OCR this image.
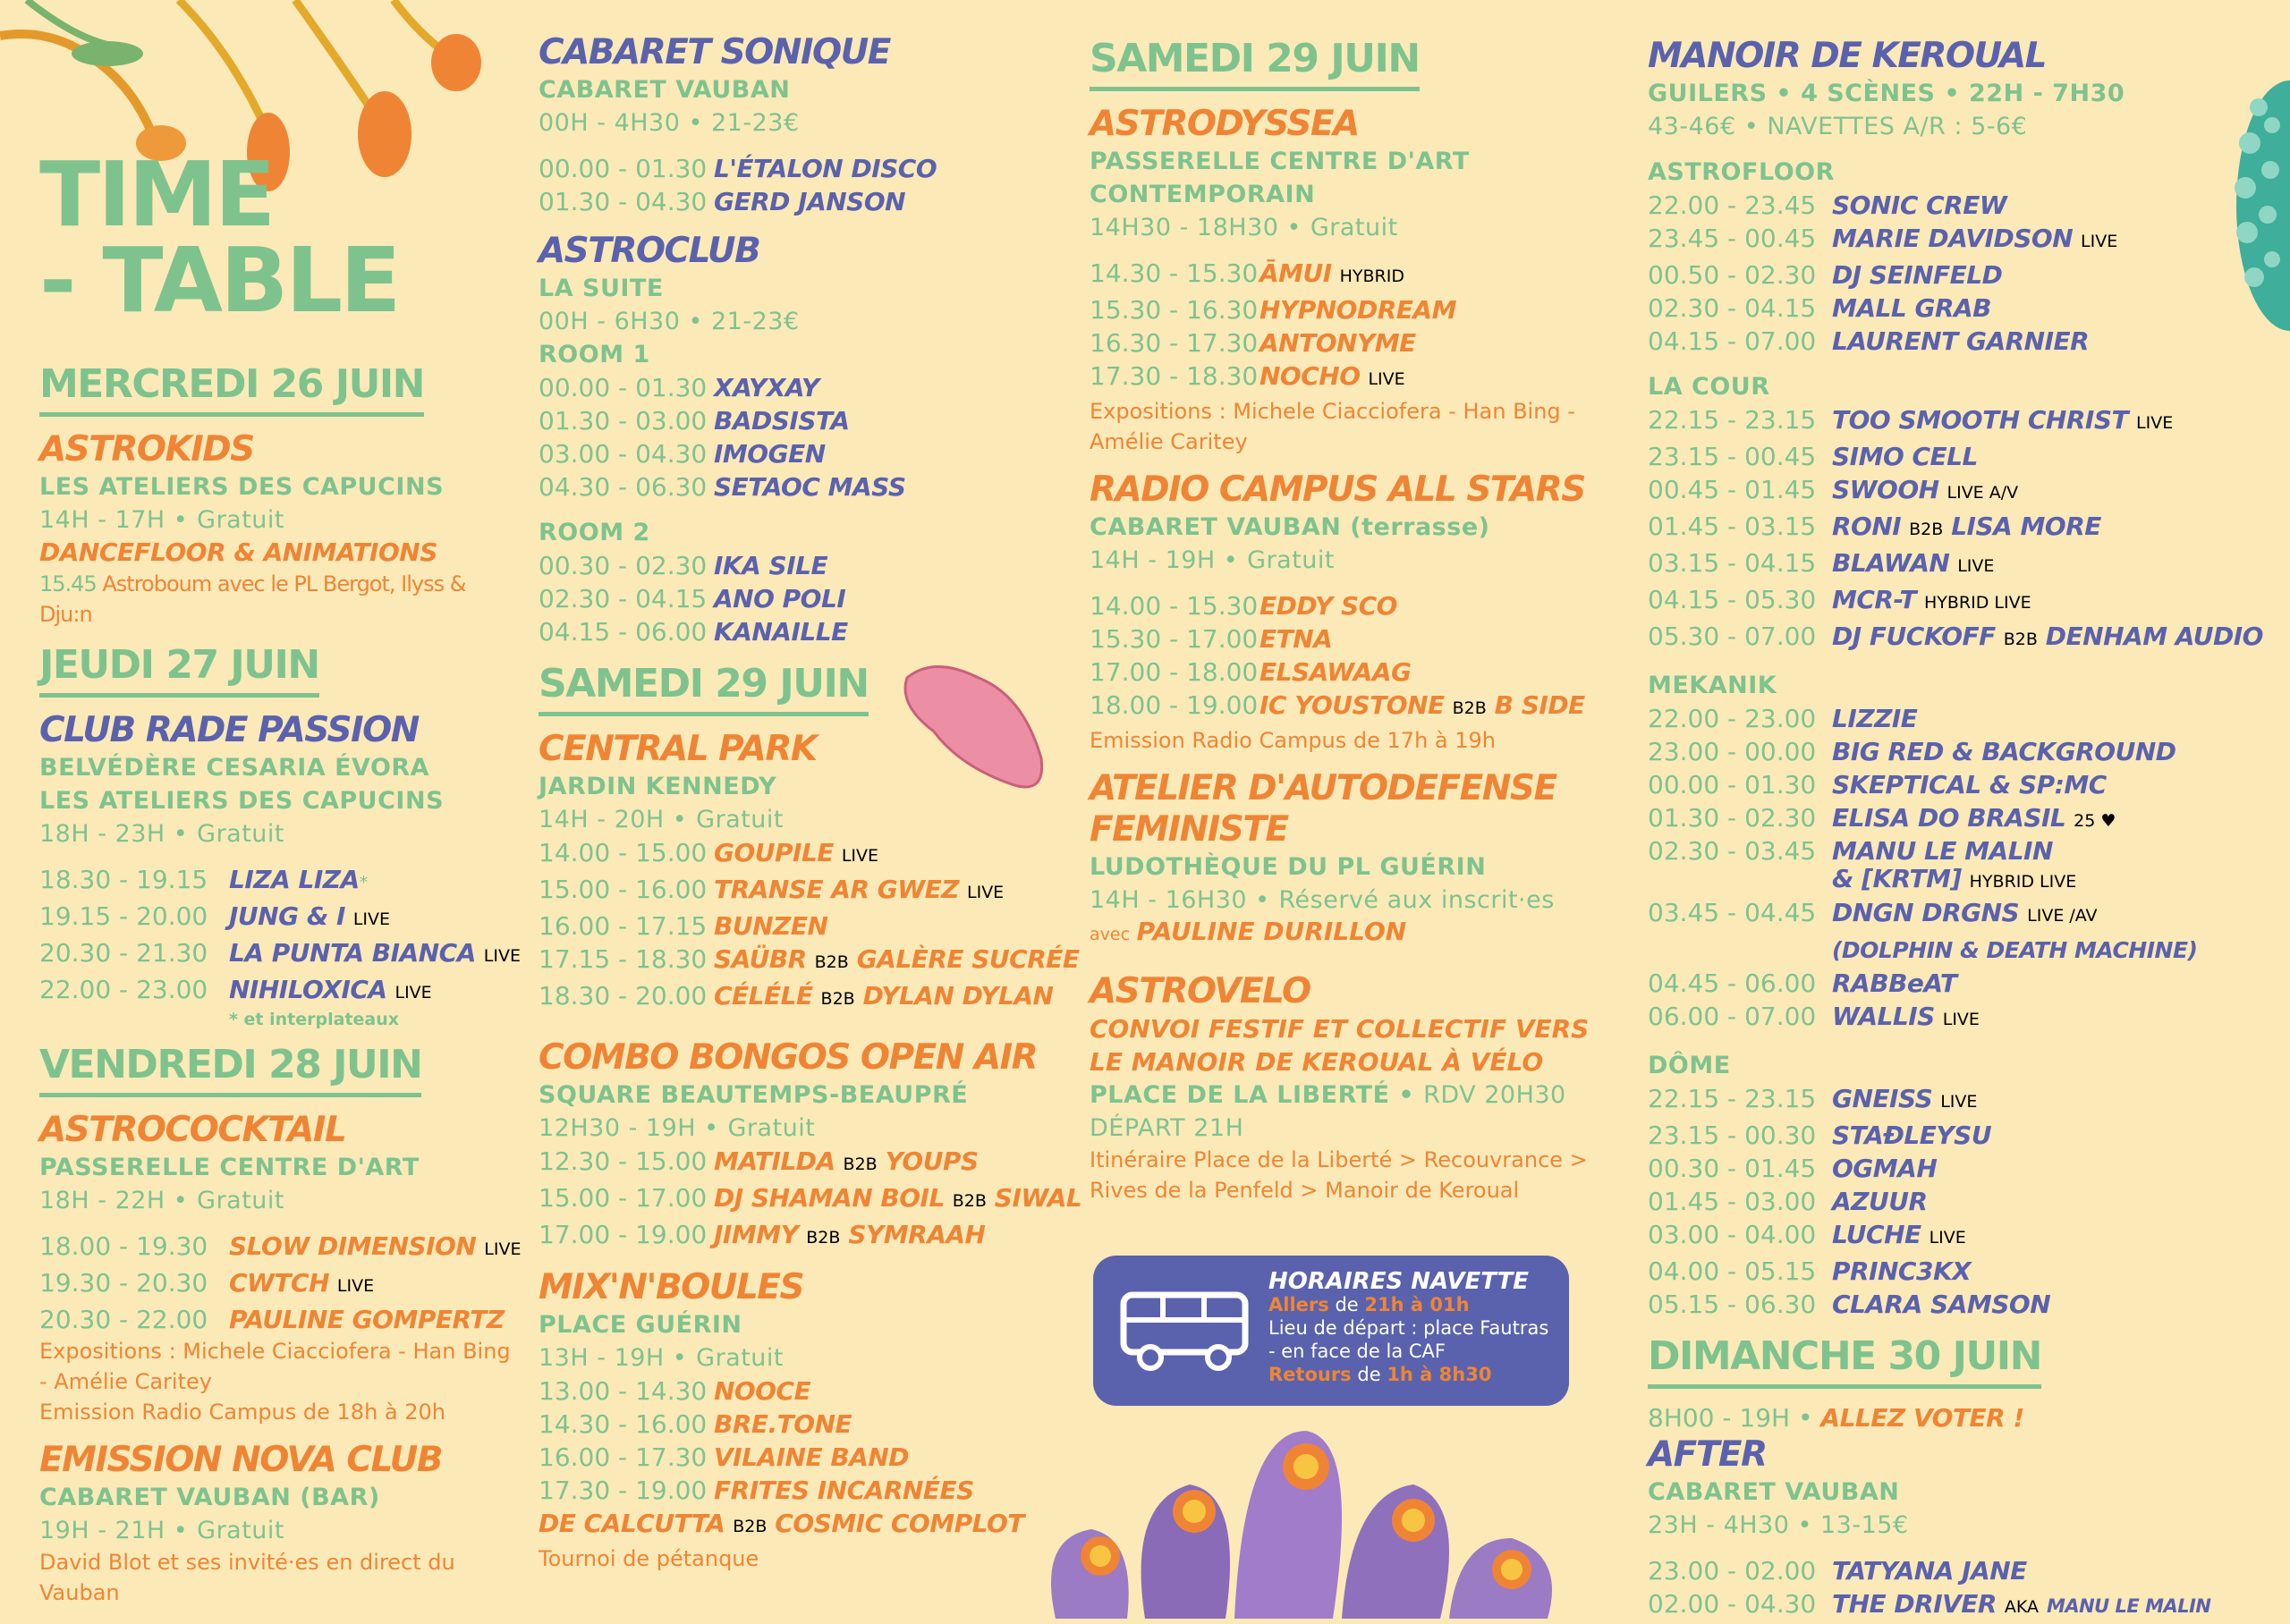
TIME
- TABLE
MERCREDI 26 JUIN
ASTROKIDS
LES ATELIERS DES CAPUCINS
14H - 17H • Gratuit
DANCEFLOOR & ANIMATIONS
15.45 Astroboum avec le PL Bergot, Ilyss & Dju:n
JEUDI 27 JUIN
CLUB RADE PASSION
BELVÉDÈRE CESARIA ÉVORA
LES ATELIERS DES CAPUCINS
18H - 23H • Gratuit
18.30 - 19.15 LIZA LIZA*
19.15 - 20.00 JUNG & I LIVE
20.30 - 21.30 LA PUNTA BIANCA LIVE
22.00 - 23.00 NIHILOXICA LIVE
* et interplateaux
VENDREDI 28 JUIN
ASTROCOCKTAIL
PASSERELLE CENTRE D'ART
18H - 22H • Gratuit
18.00 - 19.30 SLOW DIMENSION LIVE
19.30 - 20.30 CWTCH LIVE
20.30 - 22.00 PAULINE GOMPERTZ
Expositions : Michele Ciacciofera - Han Bing - Amélie Caritey
Emission Radio Campus de 18h à 20h
EMISSION NOVA CLUB
CABARET VAUBAN (BAR)
19H - 21H • Gratuit
David Blot et ses invité·es en direct du Vauban
CABARET SONIQUE
CABARET VAUBAN
00H - 4H30 • 21-23€
00.00 - 01.30 L'ÉTALON DISCO
01.30 - 04.30 GERD JANSON
ASTROCLUB
LA SUITE
00H - 6H30 • 21-23€
ROOM 1
00.00 - 01.30 XAYXAY
01.30 - 03.00 BADSISTA
03.00 - 04.30 IMOGEN
04.30 - 06.30 SETAOC MASS
ROOM 2
00.30 - 02.30 IKA SILE
02.30 - 04.15 ANO POLI
04.15 - 06.00 KANAILLE
SAMEDI 29 JUIN
CENTRAL PARK
JARDIN KENNEDY
14H - 20H • Gratuit
14.00 - 15.00 GOUPILE LIVE
15.00 - 16.00 TRANSE AR GWEZ LIVE
16.00 - 17.15 BUNZEN
17.15 - 18.30 SAÜBR B2B GALÈRE SUCRÉE
18.30 - 20.00 CÉLÉLÉ B2B DYLAN DYLAN
COMBO BONGOS OPEN AIR
SQUARE BEAUTEMPS-BEAUPRÉ
12H30 - 19H • Gratuit
12.30 - 15.00 MATILDA B2B YOUPS
15.00 - 17.00 DJ SHAMAN BOIL B2B SIWAL
17.00 - 19.00 JIMMY B2B SYMRAAH
MIX'N'BOULES
PLACE GUÉRIN
13H - 19H • Gratuit
13.00 - 14.30 NOOCE
14.30 - 16.00 BRE.TONE
16.00 - 17.30 VILAINE BAND
17.30 - 19.00 FRITES INCARNÉES
DE CALCUTTA B2B COSMIC COMPLOT
Tournoi de pétanque
SAMEDI 29 JUIN
ASTRODYSSEA
PASSERELLE CENTRE D'ART
CONTEMPORAIN
14H30 - 18H30 • Gratuit
14.30 - 15.30ĀMUI HYBRID
15.30 - 16.30HYPNODREAM
16.30 - 17.30ANTONYME
17.30 - 18.30NOCHO LIVE
Expositions : Michele Ciacciofera - Han Bing - Amélie Caritey
RADIO CAMPUS ALL STARS
CABARET VAUBAN (terrasse)
14H - 19H • Gratuit
14.00 - 15.30EDDY SCO
15.30 - 17.00ETNA
17.00 - 18.00ELSAWAAG
18.00 - 19.00IC YOUSTONE B2B B SIDE
Emission Radio Campus de 17h à 19h
ATELIER D'AUTODEFENSE
FEMINISTE
LUDOTHÈQUE DU PL GUÉRIN
14H - 16H30 • Réservé aux inscrit·es
avec PAULINE DURILLON
ASTROVELO
CONVOI FESTIF ET COLLECTIF VERS
LE MANOIR DE KEROUAL À VÉLO
PLACE DE LA LIBERTÉ • RDV 20H30
DÉPART 21H
Itinéraire Place de la Liberté > Recouvrance >
Rives de la Penfeld > Manoir de Keroual
HORAIRES NAVETTE
Allers de 21h à 01h
Lieu de départ : place Fautras
- en face de la CAF
Retours de 1h à 8h30
MANOIR DE KEROUAL
GUILERS • 4 SCÈNES • 22H - 7H30
43-46€ • NAVETTES A/R : 5-6€
ASTROFLOOR
22.00 - 23.45 SONIC CREW
23.45 - 00.45 MARIE DAVIDSON LIVE
00.50 - 02.30 DJ SEINFELD
02.30 - 04.15 MALL GRAB
04.15 - 07.00 LAURENT GARNIER
LA COUR
22.15 - 23.15 TOO SMOOTH CHRIST LIVE
23.15 - 00.45 SIMO CELL
00.45 - 01.45 SWOOH LIVE A/V
01.45 - 03.15 RONI B2B LISA MORE
03.15 - 04.15 BLAWAN LIVE
04.15 - 05.30 MCR-T HYBRID LIVE
05.30 - 07.00 DJ FUCKOFF B2B DENHAM AUDIO
MEKANIK
22.00 - 23.00 LIZZIE
23.00 - 00.00 BIG RED & BACKGROUND
00.00 - 01.30 SKEPTICAL & SP:MC
01.30 - 02.30 ELISA DO BRASIL 25 ♥
02.30 - 03.45 MANU LE MALIN
& [KRTM] HYBRID LIVE
03.45 - 04.45 DNGN DRGNS LIVE /AV
(DOLPHIN & DEATH MACHINE)
04.45 - 06.00 RABBeAT
06.00 - 07.00 WALLIS LIVE
DÔME
22.15 - 23.15 GNEISS LIVE
23.15 - 00.30 STAÐLEYSU
00.30 - 01.45 OGMAH
01.45 - 03.00 AZUUR
03.00 - 04.00 LUCHE LIVE
04.00 - 05.15 PRINC3KX
05.15 - 06.30 CLARA SAMSON
DIMANCHE 30 JUIN
8H00 - 19H • ALLEZ VOTER !
AFTER
CABARET VAUBAN
23H - 4H30 • 13-15€
23.00 - 02.00 TATYANA JANE
02.00 - 04.30 THE DRIVER AKA MANU LE MALIN
